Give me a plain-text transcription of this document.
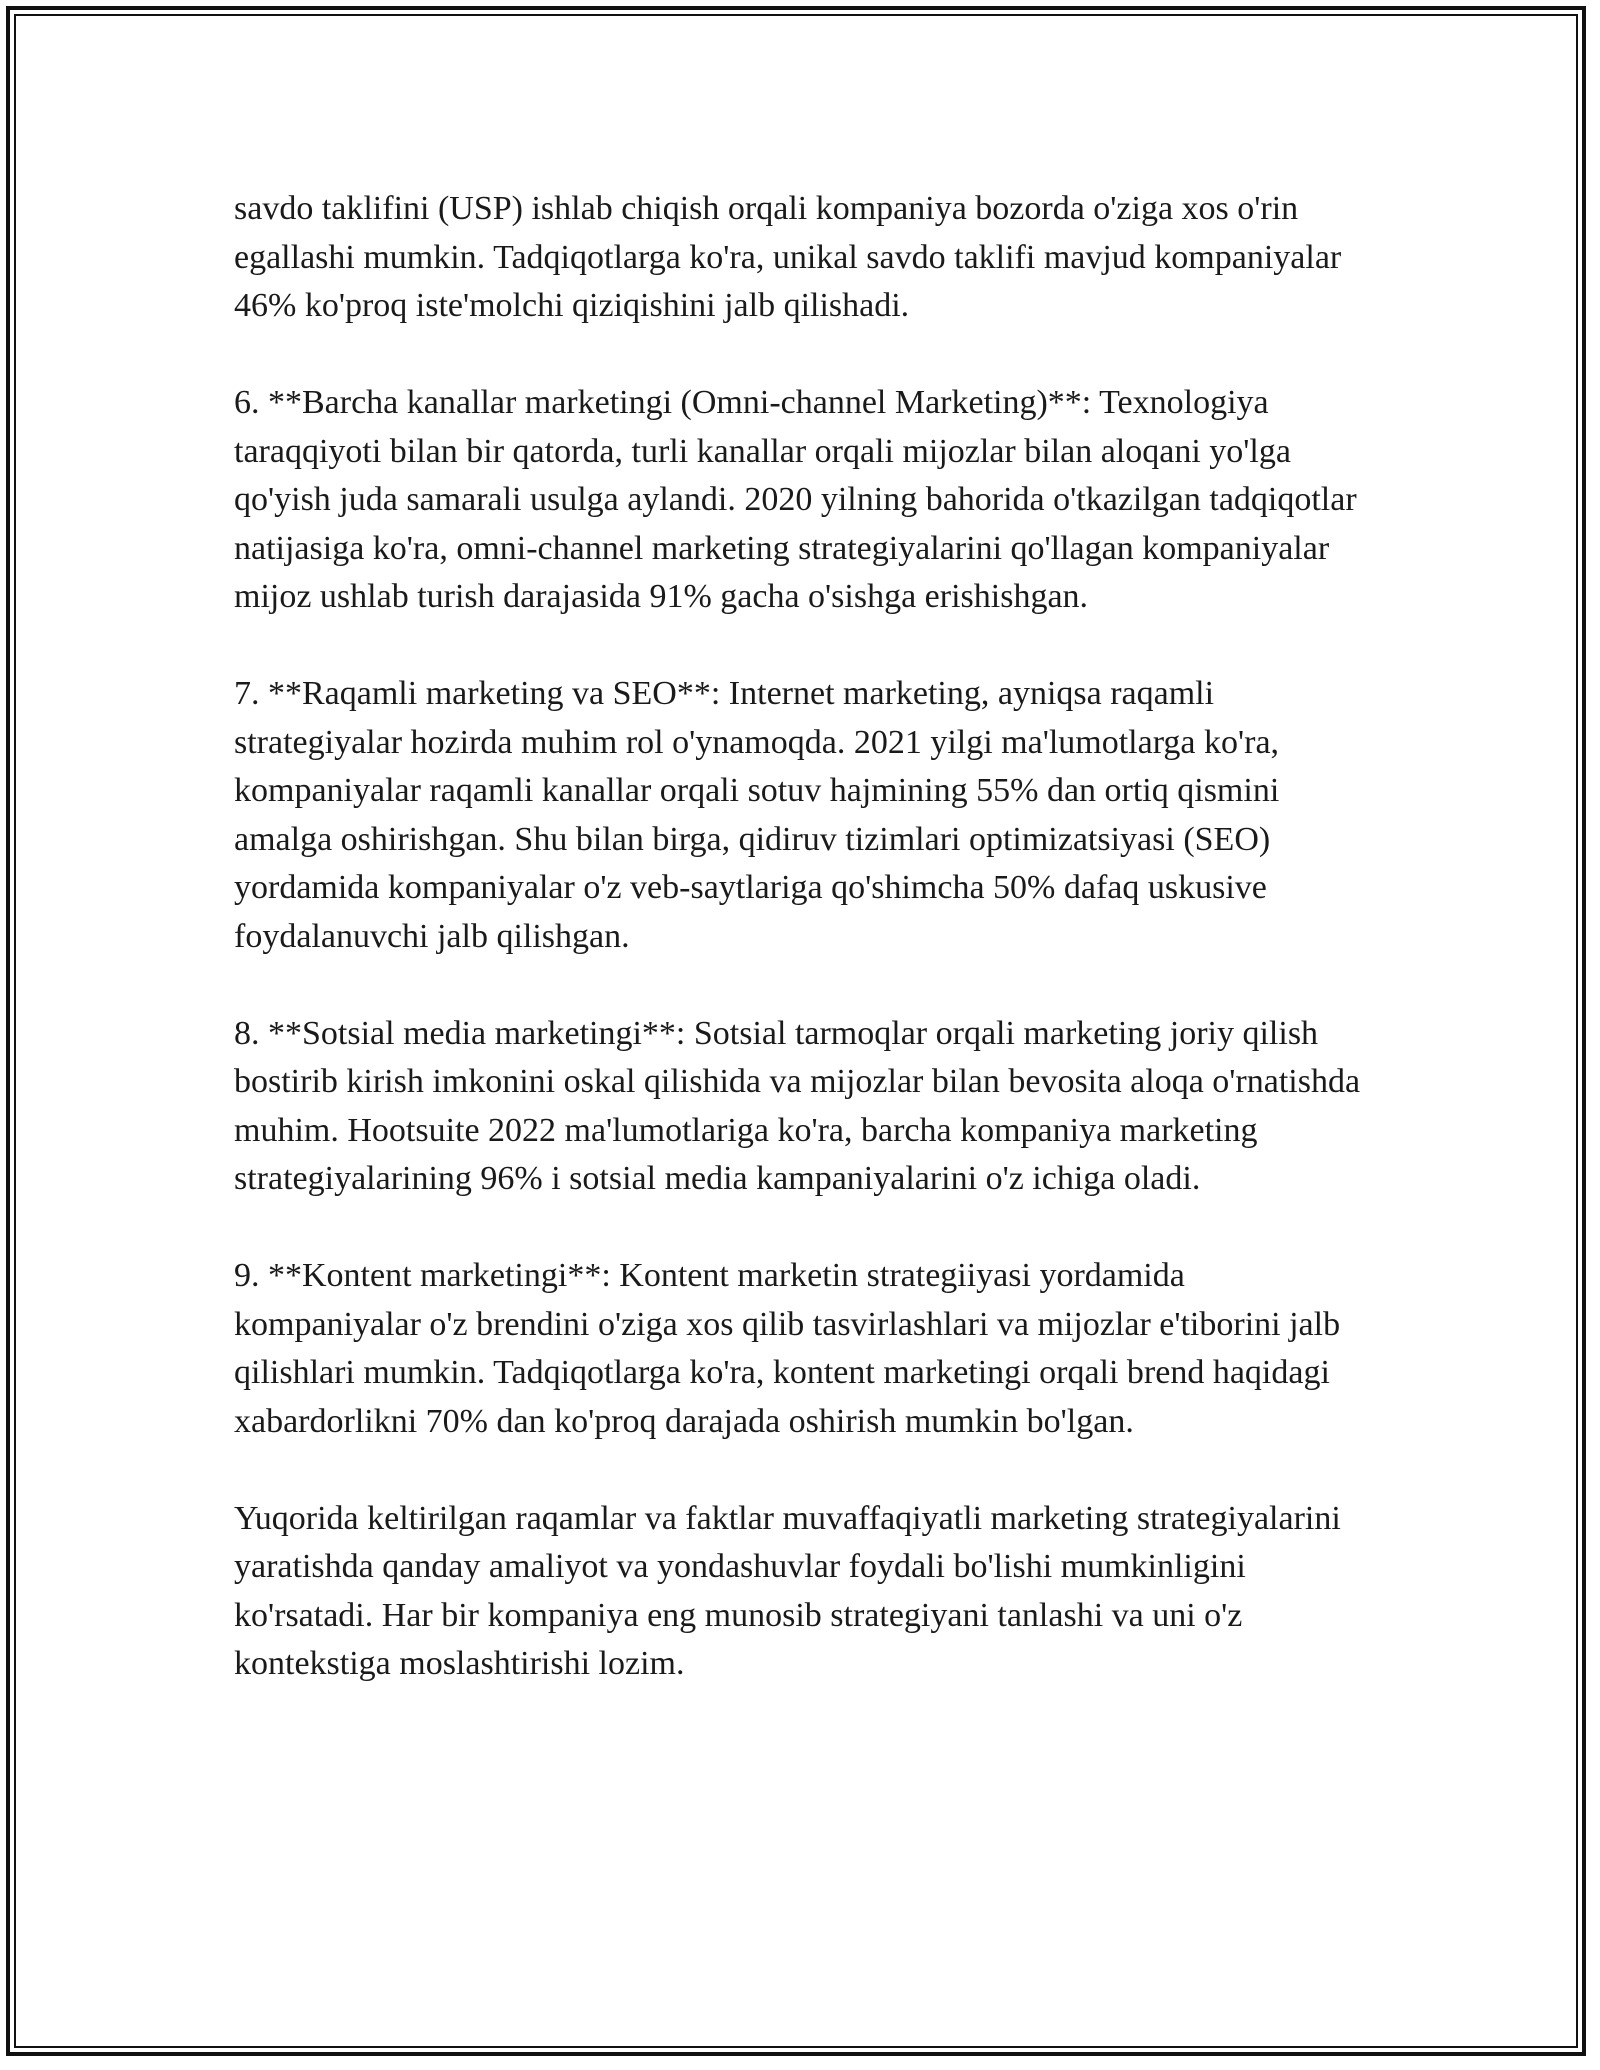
savdo taklifini (USP) ishlab chiqish orqali kompaniya bozorda o'ziga xos o'rin egallashi mumkin. Tadqiqotlarga ko'ra, unikal savdo taklifi mavjud kompaniyalar 46% ko'proq iste'molchi qiziqishini jalb qilishadi.

6. **Barcha kanallar marketingi (Omni-channel Marketing)**: Texnologiya taraqqiyoti bilan bir qatorda, turli kanallar orqali mijozlar bilan aloqani yo'lga qo'yish juda samarali usulga aylandi. 2020 yilning bahorida o'tkazilgan tadqiqotlar natijasiga ko'ra, omni-channel marketing strategiyalarini qo'llagan kompaniyalar mijoz ushlab turish darajasida 91% gacha o'sishga erishishgan.

7. **Raqamli marketing va SEO**: Internet marketing, ayniqsa raqamli strategiyalar hozirda muhim rol o'ynamoqda. 2021 yilgi ma'lumotlarga ko'ra, kompaniyalar raqamli kanallar orqali sotuv hajmining 55% dan ortiq qismini amalga oshirishgan. Shu bilan birga, qidiruv tizimlari optimizatsiyasi (SEO) yordamida kompaniyalar o'z veb-saytlariga qo'shimcha 50% dafaq uskusive foydalanuvchi jalb qilishgan.

8. **Sotsial media marketingi**: Sotsial tarmoqlar orqali marketing joriy qilish bostirib kirish imkonini oskal qilishida va mijozlar bilan bevosita aloqa o'rnatishda muhim. Hootsuite 2022 ma'lumotlariga ko'ra, barcha kompaniya marketing strategiyalarining 96% i sotsial media kampaniyalarini o'z ichiga oladi.

9. **Kontent marketingi**: Kontent marketin strategiiyasi yordamida kompaniyalar o'z brendini o'ziga xos qilib tasvirlashlari va mijozlar e'tiborini jalb qilishlari mumkin. Tadqiqotlarga ko'ra, kontent marketingi orqali brend haqidagi xabardorlikni 70% dan ko'proq darajada oshirish mumkin bo'lgan.

Yuqorida keltirilgan raqamlar va faktlar muvaffaqiyatli marketing strategiyalarini yaratishda qanday amaliyot va yondashuvlar foydali bo'lishi mumkinligini ko'rsatadi. Har bir kompaniya eng munosib strategiyani tanlashi va uni o'z kontekstiga moslashtirishi lozim.
